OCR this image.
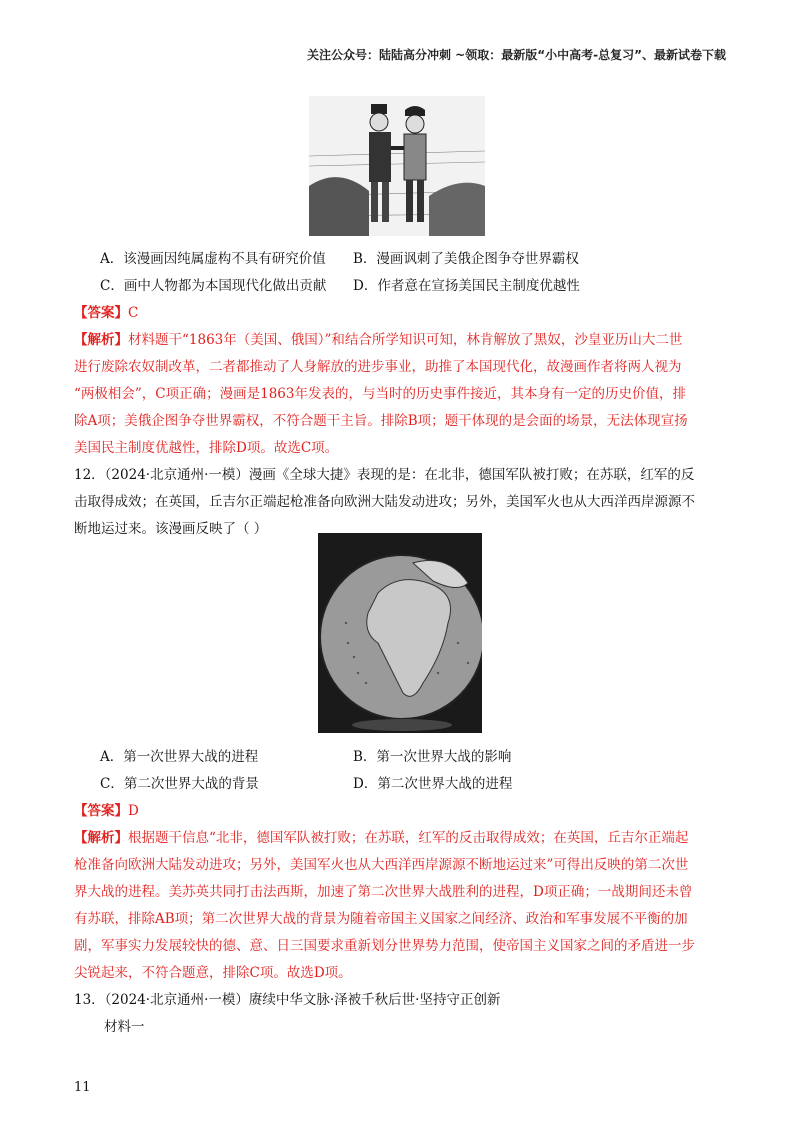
关注公众号：陆陆高分冲刺 ~领取：最新版“小中高考-总复习”、最新试卷下载
A．该漫画因纯属虚构不具有研究价值 B．漫画讽刺了美俄企图争夺世界霸权
C．画中人物都为本国现代化做出贡献 D．作者意在宣扬美国民主制度优越性
【答案】C
【解析】材料题干“1863年（美国、俄国）”和结合所学知识可知，林肯解放了黑奴，沙皇亚历山大二世
进行废除农奴制改革，二者都推动了人身解放的进步事业，助推了本国现代化，故漫画作者将两人视为
“两极相会”，C项正确；漫画是1863年发表的，与当时的历史事件接近，其本身有一定的历史价值，排
除A项；美俄企图争夺世界霸权，不符合题干主旨。排除B项；题干体现的是会面的场景，无法体现宣扬
美国民主制度优越性，排除D项。故选C项。
12．（2024·北京通州·一模）漫画《全球大捷》表现的是：在北非，德国军队被打败；在苏联，红军的反
击取得成效；在英国，丘吉尔正端起枪准备向欧洲大陆发动进攻；另外，美国军火也从大西洋西岸源源不
断地运过来。该漫画反映了（ ）
A．第一次世界大战的进程	B．第一次世界大战的影响
C．第二次世界大战的背景	D．第二次世界大战的进程
【答案】D
【解析】根据题干信息“北非，德国军队被打败；在苏联，红军的反击取得成效；在英国，丘吉尔正端起
枪准备向欧洲大陆发动进攻；另外，美国军火也从大西洋西岸源源不断地运过来”可得出反映的第二次世
界大战的进程。美苏英共同打击法西斯，加速了第二次世界大战胜利的进程，D项正确；一战期间还未曾
有苏联，排除AB项；第二次世界大战的背景为随着帝国主义国家之间经济、政治和军事发展不平衡的加
剧，军事实力发展较快的德、意、日三国要求重新划分世界势力范围，使帝国主义国家之间的矛盾进一步
尖锐起来，不符合题意，排除C项。故选D项。
13．（2024·北京通州·一模）赓续中华文脉·泽被千秋后世·坚持守正创新
材料一
11
